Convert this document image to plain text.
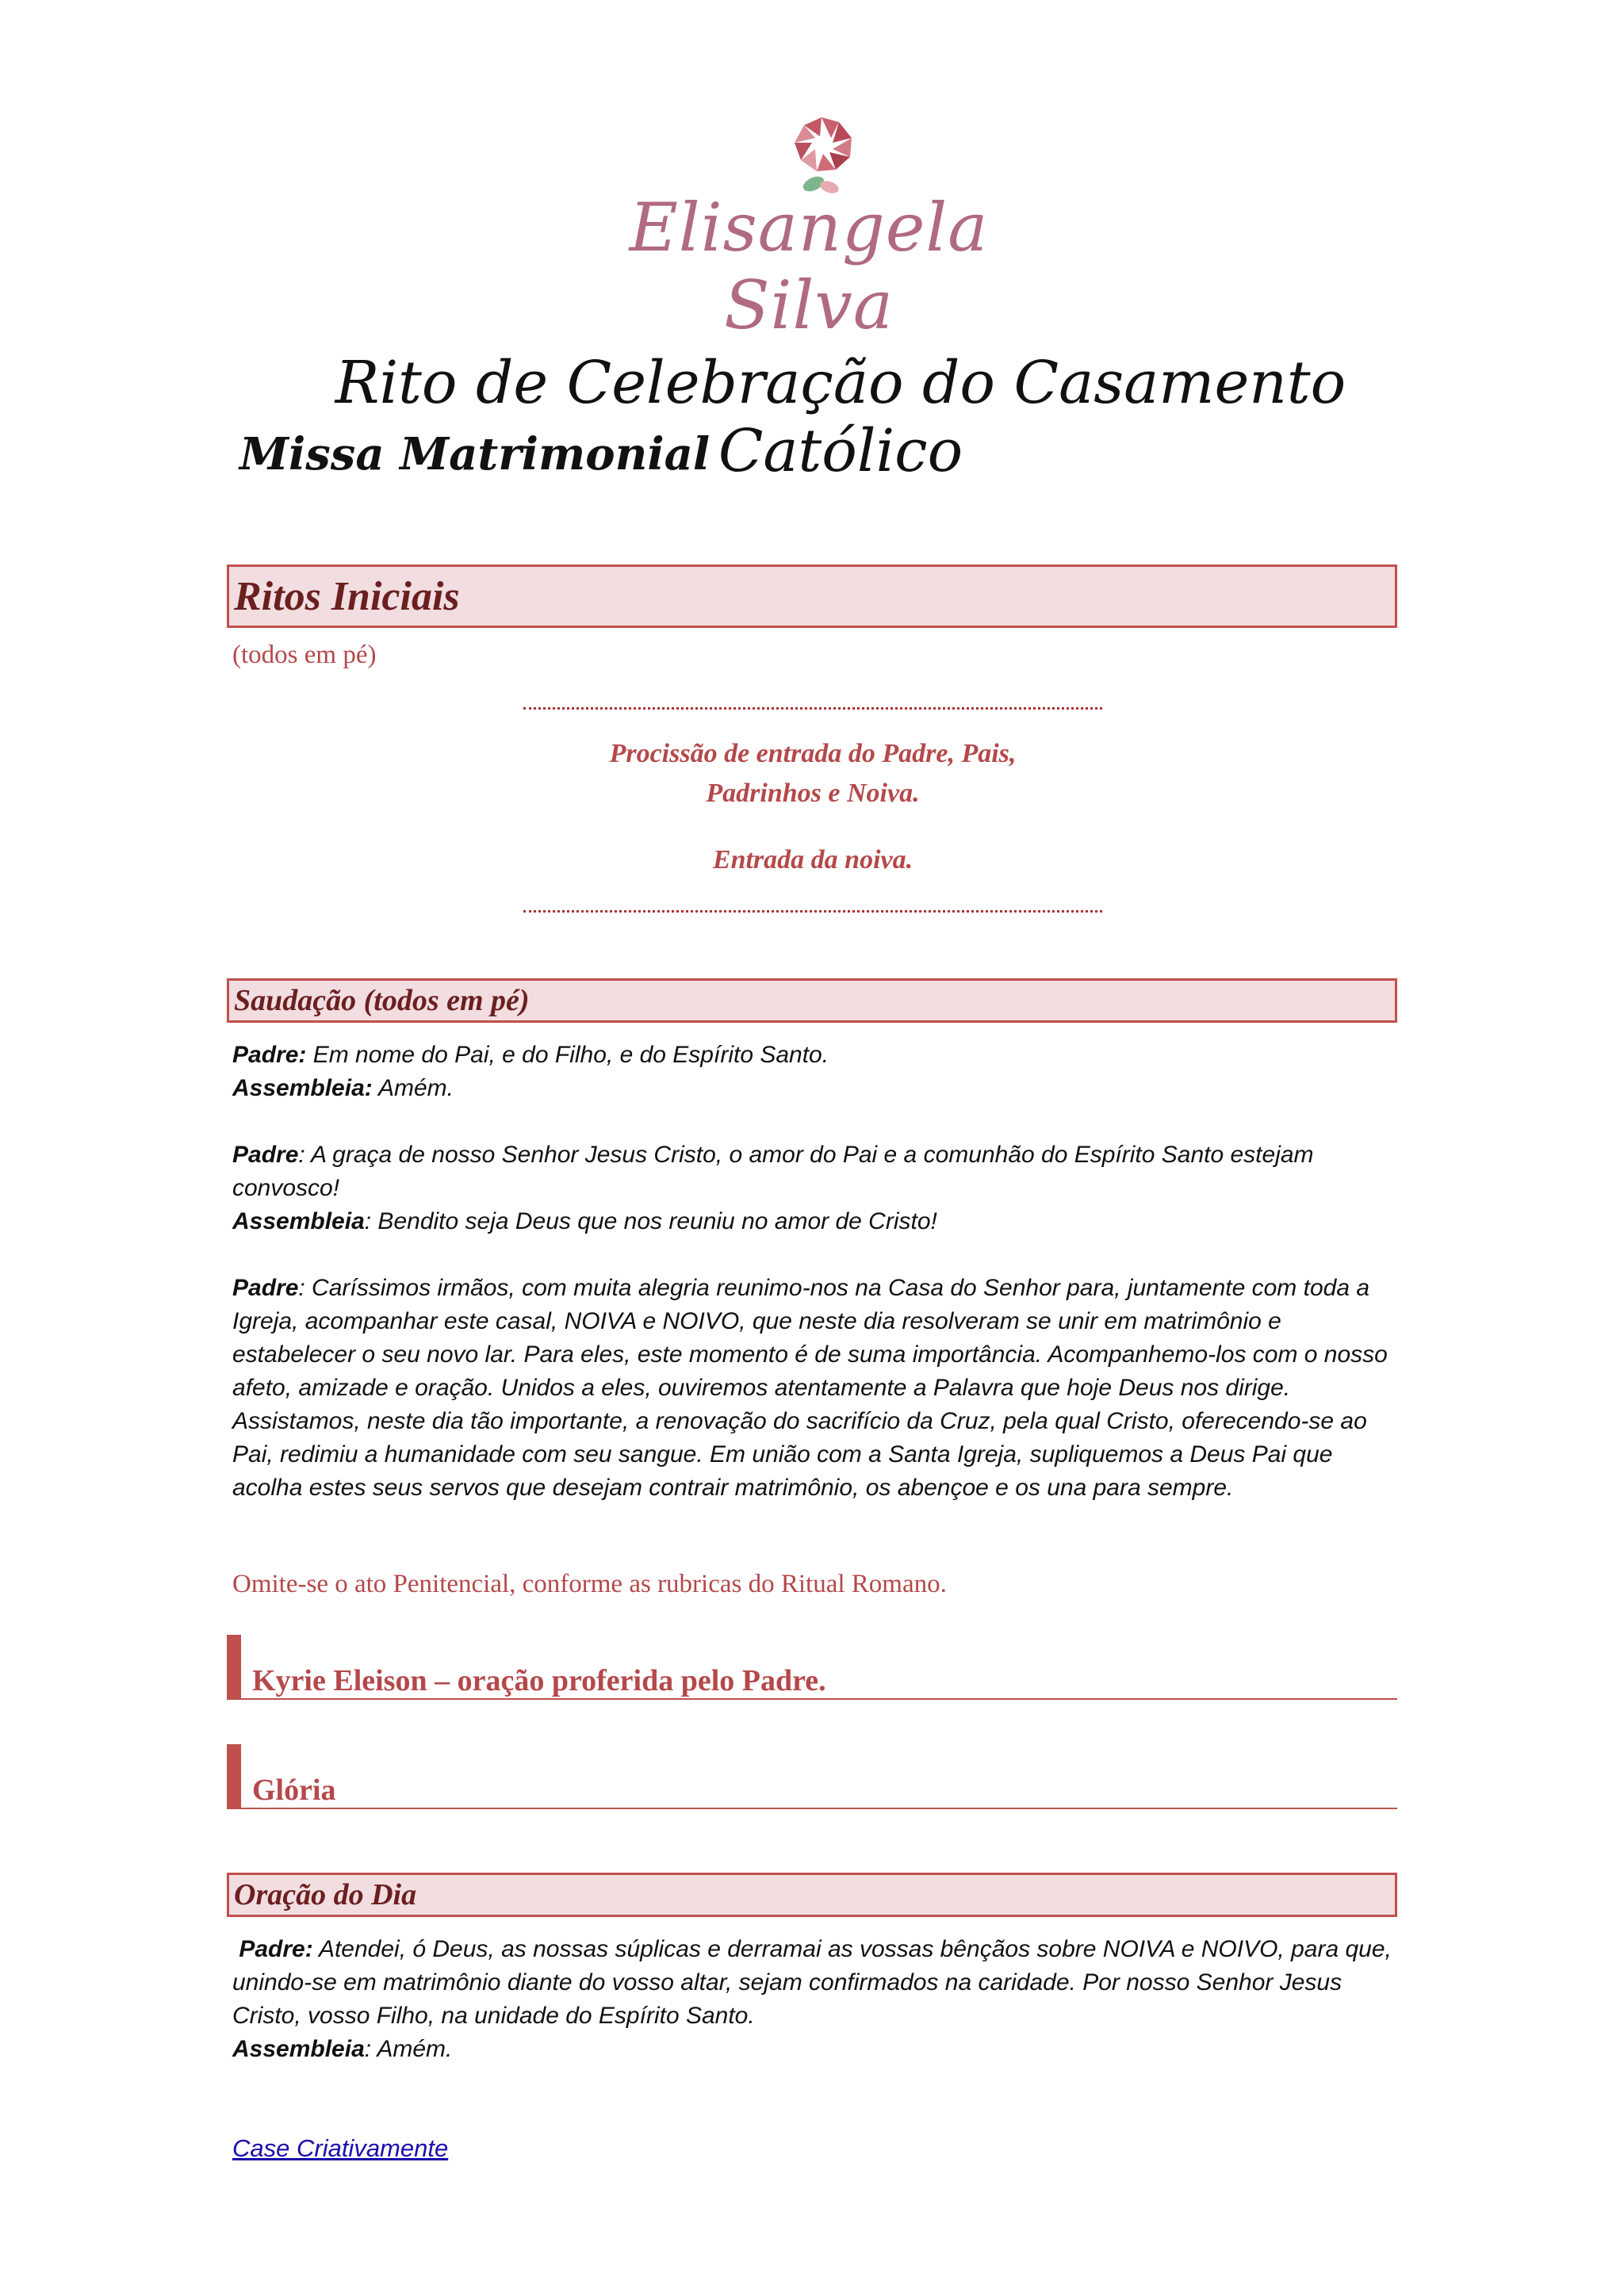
Elisangela Silva
Rito de Celebração do Casamento Católico
Missa Matrimonial
Ritos Iniciais
(todos em pé)
Procissão de entrada do Padre, Pais,
Padrinhos e Noiva.
Entrada da noiva.
Saudação (todos em pé)
Padre: Em nome do Pai, e do Filho, e do Espírito Santo.
Assembleia: Amém.
Padre: A graça de nosso Senhor Jesus Cristo, o amor do Pai e a comunhão do Espírito Santo estejam convosco!
Assembleia: Bendito seja Deus que nos reuniu no amor de Cristo!
Padre: Caríssimos irmãos, com muita alegria reunimo-nos na Casa do Senhor para, juntamente com toda a Igreja, acompanhar este casal, NOIVA e NOIVO, que neste dia resolveram se unir em matrimônio e estabelecer o seu novo lar. Para eles, este momento é de suma importância. Acompanhemo-los com o nosso afeto, amizade e oração. Unidos a eles, ouviremos atentamente a Palavra que hoje Deus nos dirige. Assistamos, neste dia tão importante, a renovação do sacrifício da Cruz, pela qual Cristo, oferecendo-se ao Pai, redimiu a humanidade com seu sangue. Em união com a Santa Igreja, supliquemos a Deus Pai que acolha estes seus servos que desejam contrair matrimônio, os abençoe e os una para sempre.
Omite-se o ato Penitencial, conforme as rubricas do Ritual Romano.
Kyrie Eleison – oração proferida pelo Padre.
Glória
Oração do Dia
Padre: Atendei, ó Deus, as nossas súplicas e derramai as vossas bênçãos sobre NOIVA e NOIVO, para que, unindo-se em matrimônio diante do vosso altar, sejam confirmados na caridade. Por nosso Senhor Jesus Cristo, vosso Filho, na unidade do Espírito Santo.
Assembleia: Amém.
Case Criativamente
